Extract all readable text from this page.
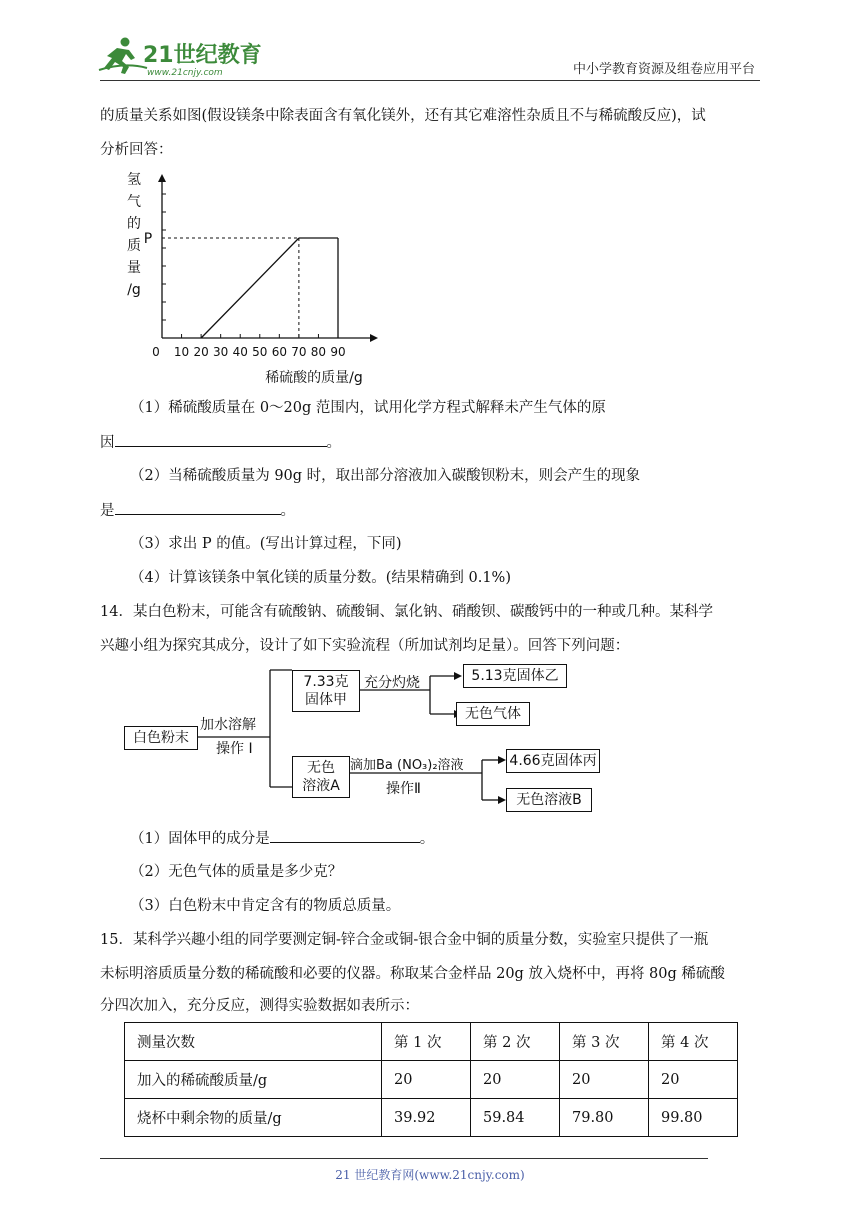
21世纪教育
www.21cnjy.com	中小学教育资源及组卷应用平台
的质量关系如图(假设镁条中除表面含有氧化镁外，还有其它难溶性杂质且不与稀硫酸反应)，试
分析回答：
0 10 20 30 40 50 60 70 80 90
氢
气
的
质
量
/g
P
稀硫酸的质量/g
（1）稀硫酸质量在 0～20g 范围内，试用化学方程式解释未产生气体的原
因	。
（2）当稀硫酸质量为 90g 时，取出部分溶液加入碳酸钡粉末，则会产生的现象
是	。
（3）求出 P 的值。(写出计算过程，下同)
（4）计算该镁条中氧化镁的质量分数。(结果精确到 0.1%)
14．某白色粉末，可能含有硫酸钠、硫酸铜、氯化钠、硝酸钡、碳酸钙中的一种或几种。某科学
兴趣小组为探究其成分，设计了如下实验流程（所加试剂均足量）。回答下列问题：
白色粉末
加水溶解
操作 I
7.33克
固体甲
充分灼烧	5.13克固体乙
无色气体
无色
溶液A
滴加Ba (NO₃)₂溶液
操作Ⅱ
4.66克固体丙
无色溶液B
（1）固体甲的成分是	。
（2）无色气体的质量是多少克？
（3）白色粉末中肯定含有的物质总质量。
15．某科学兴趣小组的同学要测定铜-锌合金或铜-银合金中铜的质量分数，实验室只提供了一瓶
未标明溶质质量分数的稀硫酸和必要的仪器。称取某合金样品 20g 放入烧杯中，再将 80g 稀硫酸
分四次加入，充分反应，测得实验数据如表所示：
测量次数	第 1 次	第 2 次	第 3 次	第 4 次
加入的稀硫酸质量/g	20	20	20	20
烧杯中剩余物的质量/g	39.92	59.84	79.80	99.80
21 世纪教育网(www.21cnjy.com)
